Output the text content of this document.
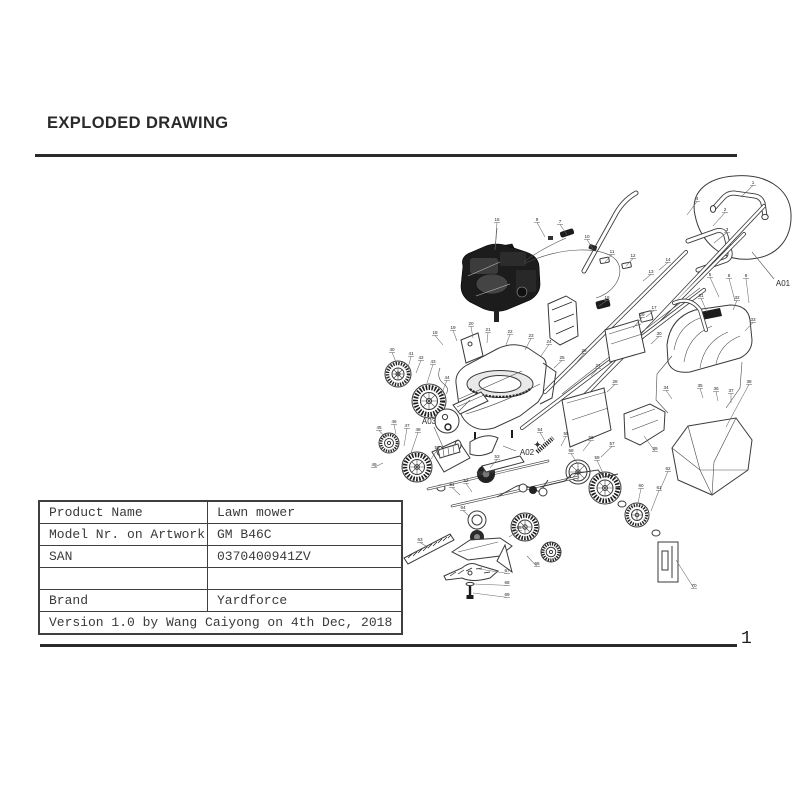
EXPLODED DRAWING
1
2
3
4
5	6
7
8
9
10
11
12
13
14
15
16
17
18
19
20
21	22
23
24
25
26
27
28
29
30
31	32
33
34	35
36 37
38
39
40
41
42
43
44
45
46
47
48
49
50
51
52
53
54
55
56
57
58
59
60	61
62
63
64
65
66
67
68
69
70
A01
A02
A03
Product Name	Lawn mower
Model Nr. on Artwork	GM B46C
SAN	0370400941ZV

Brand	Yardforce
Version 1.0 by Wang Caiyong on 4th Dec, 2018	
1
